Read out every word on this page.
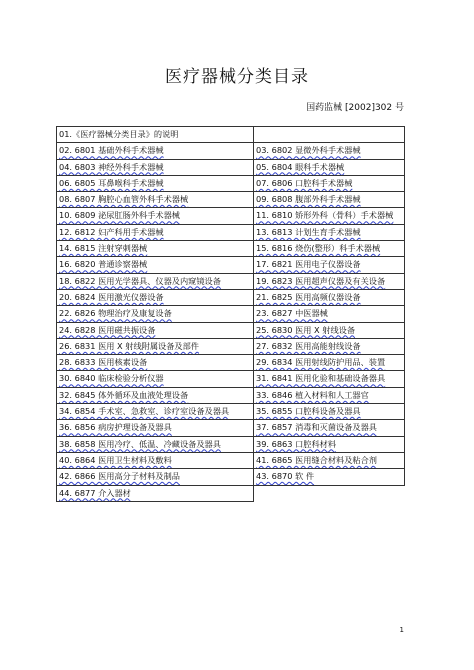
医疗器械分类目录
国药监械 [2002]302 号
01.《医疗器械分类目录》的说明
02. 6801 基础外科手术器械	03. 6802 显微外科手术器械
04. 6803 神经外科手术器械	05. 6804 眼科手术器械
06. 6805 耳鼻喉科手术器械	07. 6806 口腔科手术器械
08. 6807 胸腔心血管外科手术器械	09. 6808 腹部外科手术器械
10. 6809 泌尿肛肠外科手术器械	11. 6810 矫形外科（骨科）手术器械
12. 6812 妇产科用手术器械	13. 6813 计划生育手术器械
14. 6815 注射穿刺器械	15. 6816 烧伤(整形）科手术器械
16. 6820 普通诊察器械	17. 6821 医用电子仪器设备
18. 6822 医用光学器具、仪器及内窥镜设备	19. 6823 医用超声仪器及有关设备
20. 6824 医用激光仪器设备	21. 6825 医用高频仪器设备
22. 6826 物理治疗及康复设备	23. 6827 中医器械
24. 6828 医用磁共振设备	25. 6830 医用 X 射线设备
26. 6831 医用 X 射线附属设备及部件	27. 6832 医用高能射线设备
28. 6833 医用核素设备	29. 6834 医用射线防护用品、装置
30. 6840 临床检验分析仪器	31. 6841 医用化验和基础设备器具
32. 6845 体外循环及血液处理设备	33. 6846 植入材料和人工器官
34. 6854 手术室、急救室、诊疗室设备及器具	35. 6855 口腔科设备及器具
36. 6856 病房护理设备及器具	37. 6857 消毒和灭菌设备及器具
38. 6858 医用冷疗、低温、冷藏设备及器具	39. 6863 口腔科材料
40. 6864 医用卫生材料及敷料	41. 6865 医用缝合材料及粘合剂
42. 6866 医用高分子材料及制品	43. 6870 软 件
44. 6877 介入器材
1
